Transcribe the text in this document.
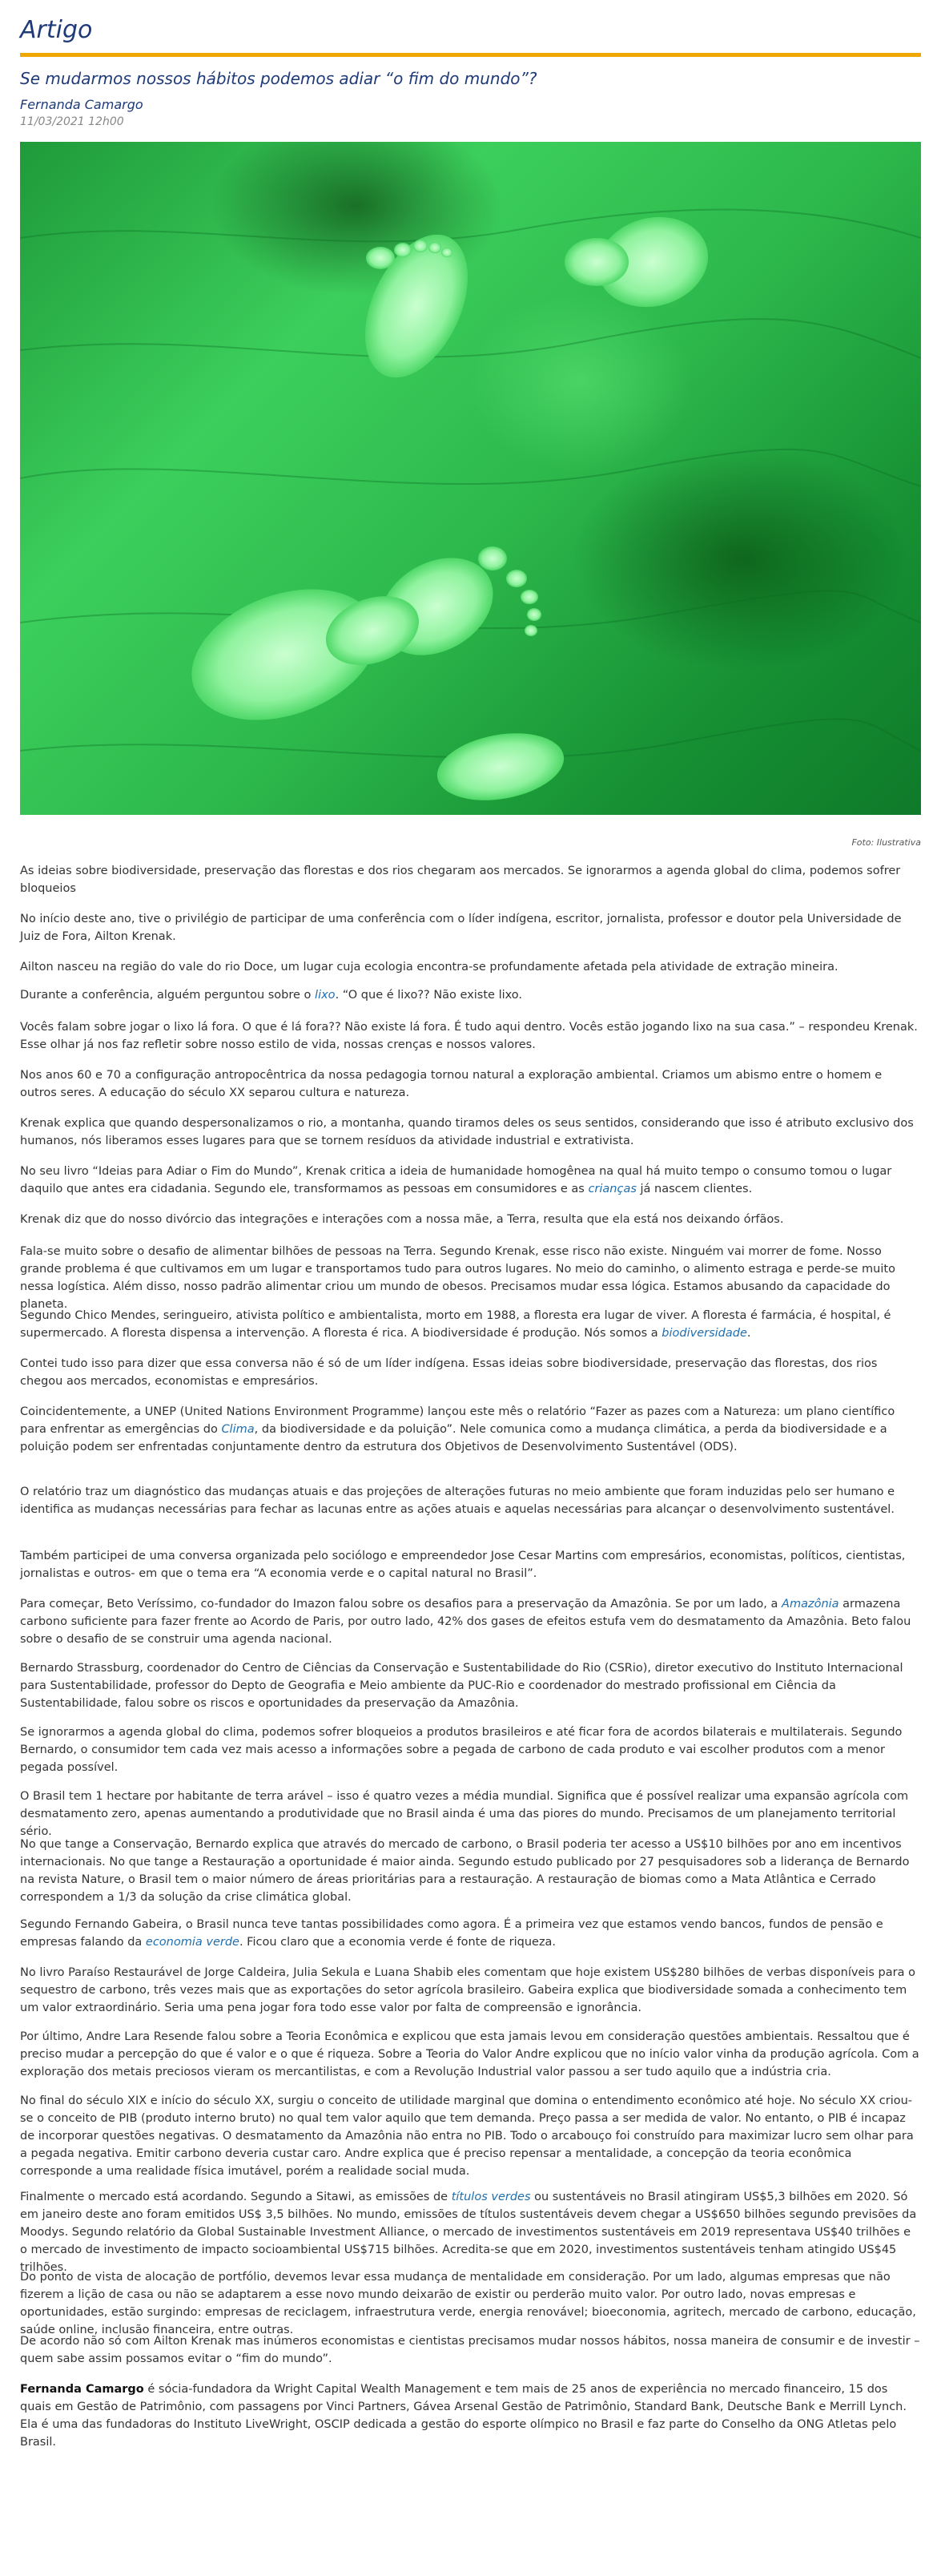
Artigo
Se mudarmos nossos hábitos podemos adiar “o fim do mundo”?
Fernanda Camargo
11/03/2021 12h00
Foto: Ilustrativa

As ideias sobre biodiversidade, preservação das florestas e dos rios chegaram aos mercados. Se ignorarmos a agenda global do clima, podemos sofrer bloqueios

No início deste ano, tive o privilégio de participar de uma conferência com o líder indígena, escritor, jornalista, professor e doutor pela Universidade de Juiz de Fora, Ailton Krenak.

Ailton nasceu na região do vale do rio Doce, um lugar cuja ecologia encontra-se profundamente afetada pela atividade de extração mineira.

Durante a conferência, alguém perguntou sobre o lixo. “O que é lixo?? Não existe lixo.

Vocês falam sobre jogar o lixo lá fora. O que é lá fora?? Não existe lá fora. É tudo aqui dentro. Vocês estão jogando lixo na sua casa.” – respondeu Krenak. Esse olhar já nos faz refletir sobre nosso estilo de vida, nossas crenças e nossos valores.

Nos anos 60 e 70 a configuração antropocêntrica da nossa pedagogia tornou natural a exploração ambiental. Criamos um abismo entre o homem e outros seres. A educação do século XX separou cultura e natureza.

Krenak explica que quando despersonalizamos o rio, a montanha, quando tiramos deles os seus sentidos, considerando que isso é atributo exclusivo dos humanos, nós liberamos esses lugares para que se tornem resíduos da atividade industrial e extrativista.

No seu livro “Ideias para Adiar o Fim do Mundo”, Krenak critica a ideia de humanidade homogênea na qual há muito tempo o consumo tomou o lugar daquilo que antes era cidadania. Segundo ele, transformamos as pessoas em consumidores e as crianças já nascem clientes.

Krenak diz que do nosso divórcio das integrações e interações com a nossa mãe, a Terra, resulta que ela está nos deixando órfãos.

Fala-se muito sobre o desafio de alimentar bilhões de pessoas na Terra. Segundo Krenak, esse risco não existe. Ninguém vai morrer de fome. Nosso grande problema é que cultivamos em um lugar e transportamos tudo para outros lugares. No meio do caminho, o alimento estraga e perde-se muito nessa logística. Além disso, nosso padrão alimentar criou um mundo de obesos. Precisamos mudar essa lógica. Estamos abusando da capacidade do planeta.

Segundo Chico Mendes, seringueiro, ativista político e ambientalista, morto em 1988, a floresta era lugar de viver. A floresta é farmácia, é hospital, é supermercado. A floresta dispensa a intervenção. A floresta é rica. A biodiversidade é produção. Nós somos a biodiversidade.

Contei tudo isso para dizer que essa conversa não é só de um líder indígena. Essas ideias sobre biodiversidade, preservação das florestas, dos rios chegou aos mercados, economistas e empresários.

Coincidentemente, a UNEP (United Nations Environment Programme) lançou este mês o relatório “Fazer as pazes com a Natureza: um plano científico para enfrentar as emergências do Clima, da biodiversidade e da poluição”. Nele comunica como a mudança climática, a perda da biodiversidade e a poluição podem ser enfrentadas conjuntamente dentro da estrutura dos Objetivos de Desenvolvimento Sustentável (ODS).

O relatório traz um diagnóstico das mudanças atuais e das projeções de alterações futuras no meio ambiente que foram induzidas pelo ser humano e identifica as mudanças necessárias para fechar as lacunas entre as ações atuais e aquelas necessárias para alcançar o desenvolvimento sustentável.

Também participei de uma conversa organizada pelo sociólogo e empreendedor Jose Cesar Martins com empresários, economistas, políticos, cientistas, jornalistas e outros- em que o tema era “A economia verde e o capital natural no Brasil”.

Para começar, Beto Veríssimo, co-fundador do Imazon falou sobre os desafios para a preservação da Amazônia. Se por um lado, a Amazônia armazena carbono suficiente para fazer frente ao Acordo de Paris, por outro lado, 42% dos gases de efeitos estufa vem do desmatamento da Amazônia. Beto falou sobre o desafio de se construir uma agenda nacional.

Bernardo Strassburg, coordenador do Centro de Ciências da Conservação e Sustentabilidade do Rio (CSRio), diretor executivo do Instituto Internacional para Sustentabilidade, professor do Depto de Geografia e Meio ambiente da PUC-Rio e coordenador do mestrado profissional em Ciência da Sustentabilidade, falou sobre os riscos e oportunidades da preservação da Amazônia.

Se ignorarmos a agenda global do clima, podemos sofrer bloqueios a produtos brasileiros e até ficar fora de acordos bilaterais e multilaterais. Segundo Bernardo, o consumidor tem cada vez mais acesso a informações sobre a pegada de carbono de cada produto e vai escolher produtos com a menor pegada possível.

O Brasil tem 1 hectare por habitante de terra arável – isso é quatro vezes a média mundial. Significa que é possível realizar uma expansão agrícola com desmatamento zero, apenas aumentando a produtividade que no Brasil ainda é uma das piores do mundo. Precisamos de um planejamento territorial sério.

No que tange a Conservação, Bernardo explica que através do mercado de carbono, o Brasil poderia ter acesso a US$10 bilhões por ano em incentivos internacionais. No que tange a Restauração a oportunidade é maior ainda. Segundo estudo publicado por 27 pesquisadores sob a liderança de Bernardo na revista Nature, o Brasil tem o maior número de áreas prioritárias para a restauração. A restauração de biomas como a Mata Atlântica e Cerrado correspondem a 1/3 da solução da crise climática global.

Segundo Fernando Gabeira, o Brasil nunca teve tantas possibilidades como agora. É a primeira vez que estamos vendo bancos, fundos de pensão e empresas falando da economia verde. Ficou claro que a economia verde é fonte de riqueza.

No livro Paraíso Restaurável de Jorge Caldeira, Julia Sekula e Luana Shabib eles comentam que hoje existem US$280 bilhões de verbas disponíveis para o sequestro de carbono, três vezes mais que as exportações do setor agrícola brasileiro. Gabeira explica que biodiversidade somada a conhecimento tem um valor extraordinário. Seria uma pena jogar fora todo esse valor por falta de compreensão e ignorância.

Por último, Andre Lara Resende falou sobre a Teoria Econômica e explicou que esta jamais levou em consideração questões ambientais. Ressaltou que é preciso mudar a percepção do que é valor e o que é riqueza. Sobre a Teoria do Valor Andre explicou que no início valor vinha da produção agrícola. Com a exploração dos metais preciosos vieram os mercantilistas, e com a Revolução Industrial valor passou a ser tudo aquilo que a indústria cria.

No final do século XIX e início do século XX, surgiu o conceito de utilidade marginal que domina o entendimento econômico até hoje. No século XX criou-se o conceito de PIB (produto interno bruto) no qual tem valor aquilo que tem demanda. Preço passa a ser medida de valor. No entanto, o PIB é incapaz de incorporar questões negativas. O desmatamento da Amazônia não entra no PIB. Todo o arcabouço foi construído para maximizar lucro sem olhar para a pegada negativa. Emitir carbono deveria custar caro. Andre explica que é preciso repensar a mentalidade, a concepção da teoria econômica corresponde a uma realidade física imutável, porém a realidade social muda.

Finalmente o mercado está acordando. Segundo a Sitawi, as emissões de títulos verdes ou sustentáveis no Brasil atingiram US$5,3 bilhões em 2020. Só em janeiro deste ano foram emitidos US$ 3,5 bilhões. No mundo, emissões de títulos sustentáveis devem chegar a US$650 bilhões segundo previsões da Moodys. Segundo relatório da Global Sustainable Investment Alliance, o mercado de investimentos sustentáveis em 2019 representava US$40 trilhões e o mercado de investimento de impacto socioambiental US$715 bilhões. Acredita-se que em 2020, investimentos sustentáveis tenham atingido US$45 trilhões.

Do ponto de vista de alocação de portfólio, devemos levar essa mudança de mentalidade em consideração. Por um lado, algumas empresas que não fizerem a lição de casa ou não se adaptarem a esse novo mundo deixarão de existir ou perderão muito valor. Por outro lado, novas empresas e oportunidades, estão surgindo: empresas de reciclagem, infraestrutura verde, energia renovável; bioeconomia, agritech, mercado de carbono, educação, saúde online, inclusão financeira, entre outras.

De acordo não só com Ailton Krenak mas inúmeros economistas e cientistas precisamos mudar nossos hábitos, nossa maneira de consumir e de investir – quem sabe assim possamos evitar o “fim do mundo”.

Fernanda Camargo é sócia-fundadora da Wright Capital Wealth Management e tem mais de 25 anos de experiência no mercado financeiro, 15 dos quais em Gestão de Patrimônio, com passagens por Vinci Partners, Gávea Arsenal Gestão de Patrimônio, Standard Bank, Deutsche Bank e Merrill Lynch. Ela é uma das fundadoras do Instituto LiveWright, OSCIP dedicada a gestão do esporte olímpico no Brasil e faz parte do Conselho da ONG Atletas pelo Brasil.
